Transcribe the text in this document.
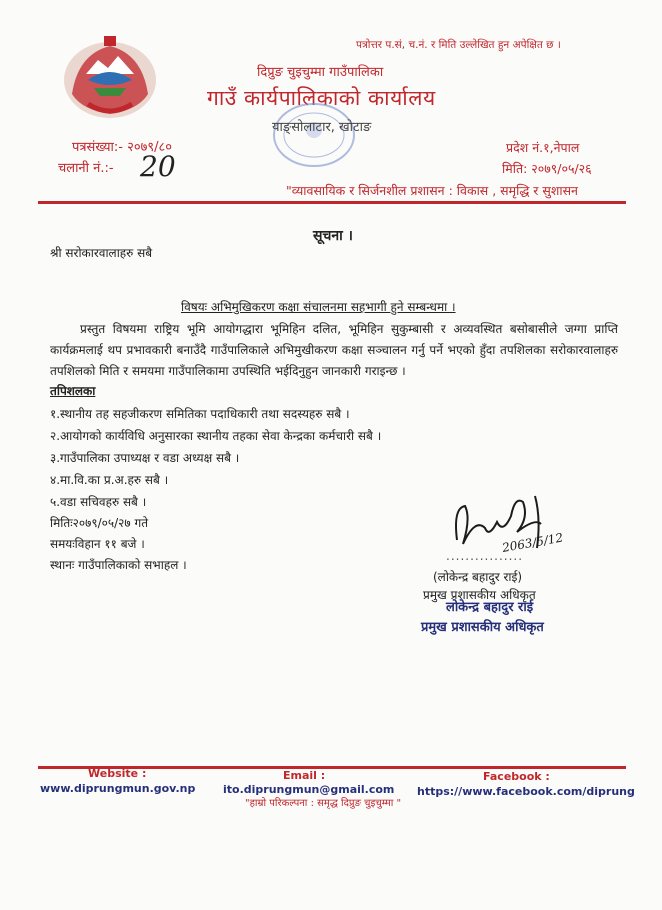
पत्रोत्तर प.सं, च.नं. र मिति उल्लेखित हुन अपेक्षित छ ।
दिप्रुङ चुइचुम्मा गाउँपालिका
गाउँ कार्यपालिकाको कार्यालय
याङ्सोलाटार, खोटाङ
पत्रसंख्या:- २०७९/८०
चलानी नं.:- 20
प्रदेश नं.१,नेपाल
मिति: २०७९/०५/२६
"व्यावसायिक र सिर्जनशील प्रशासन : विकास , समृद्धि र सुशासन
सूचना ।
श्री सरोकारवालाहरु सबै
विषयः अभिमुखिकरण कक्षा संचालनमा सहभागी हुने सम्बन्धमा ।
प्रस्तुत विषयमा राष्ट्रिय भूमि आयोगद्धारा भूमिहिन दलित, भूमिहिन सुकुम्बासी र अव्यवस्थित बसोबासीले जग्गा प्राप्ति कार्यक्रमलाई थप प्रभावकारी बनाउँदै गाउँपालिकाले अभिमुखीकरण कक्षा सञ्चालन गर्नु पर्ने भएको हुँदा तपशिलका सरोकारवालाहरु तपशिलको मिति र समयमा गाउँपालिकामा उपस्थिति भईदिनुहुन जानकारी गराइन्छ ।
तपिशलका
१.स्थानीय तह सहजीकरण समितिका पदाधिकारी तथा सदस्यहरु सबै ।
२.आयोगको कार्यविधि अनुसारका स्थानीय तहका सेवा केन्द्रका कर्मचारी सबै ।
३.गाउँपालिका उपाध्यक्ष र वडा अध्यक्ष सबै ।
४.मा.वि.का प्र.अ.हरु सबै ।
५.वडा सचिवहरु सबै ।
मितिः२०७९/०५/२७ गते
समयःविहान ११ बजे ।
स्थानः गाउँपालिकाको सभाहल ।
2063/5/12
................
(लोकेन्द्र बहादुर राई)
प्रमुख प्रशासकीय अधिकृत
लोकेन्द्र बहादुर राई
प्रमुख प्रशासकीय अधिकृत
Website :
www.diprungmun.gov.np
Email :
ito.diprungmun@gmail.com
"हाम्रो परिकल्पना : समृद्ध दिप्रुङ चुइचुम्मा "
Facebook :
https://www.facebook.com/diprung
